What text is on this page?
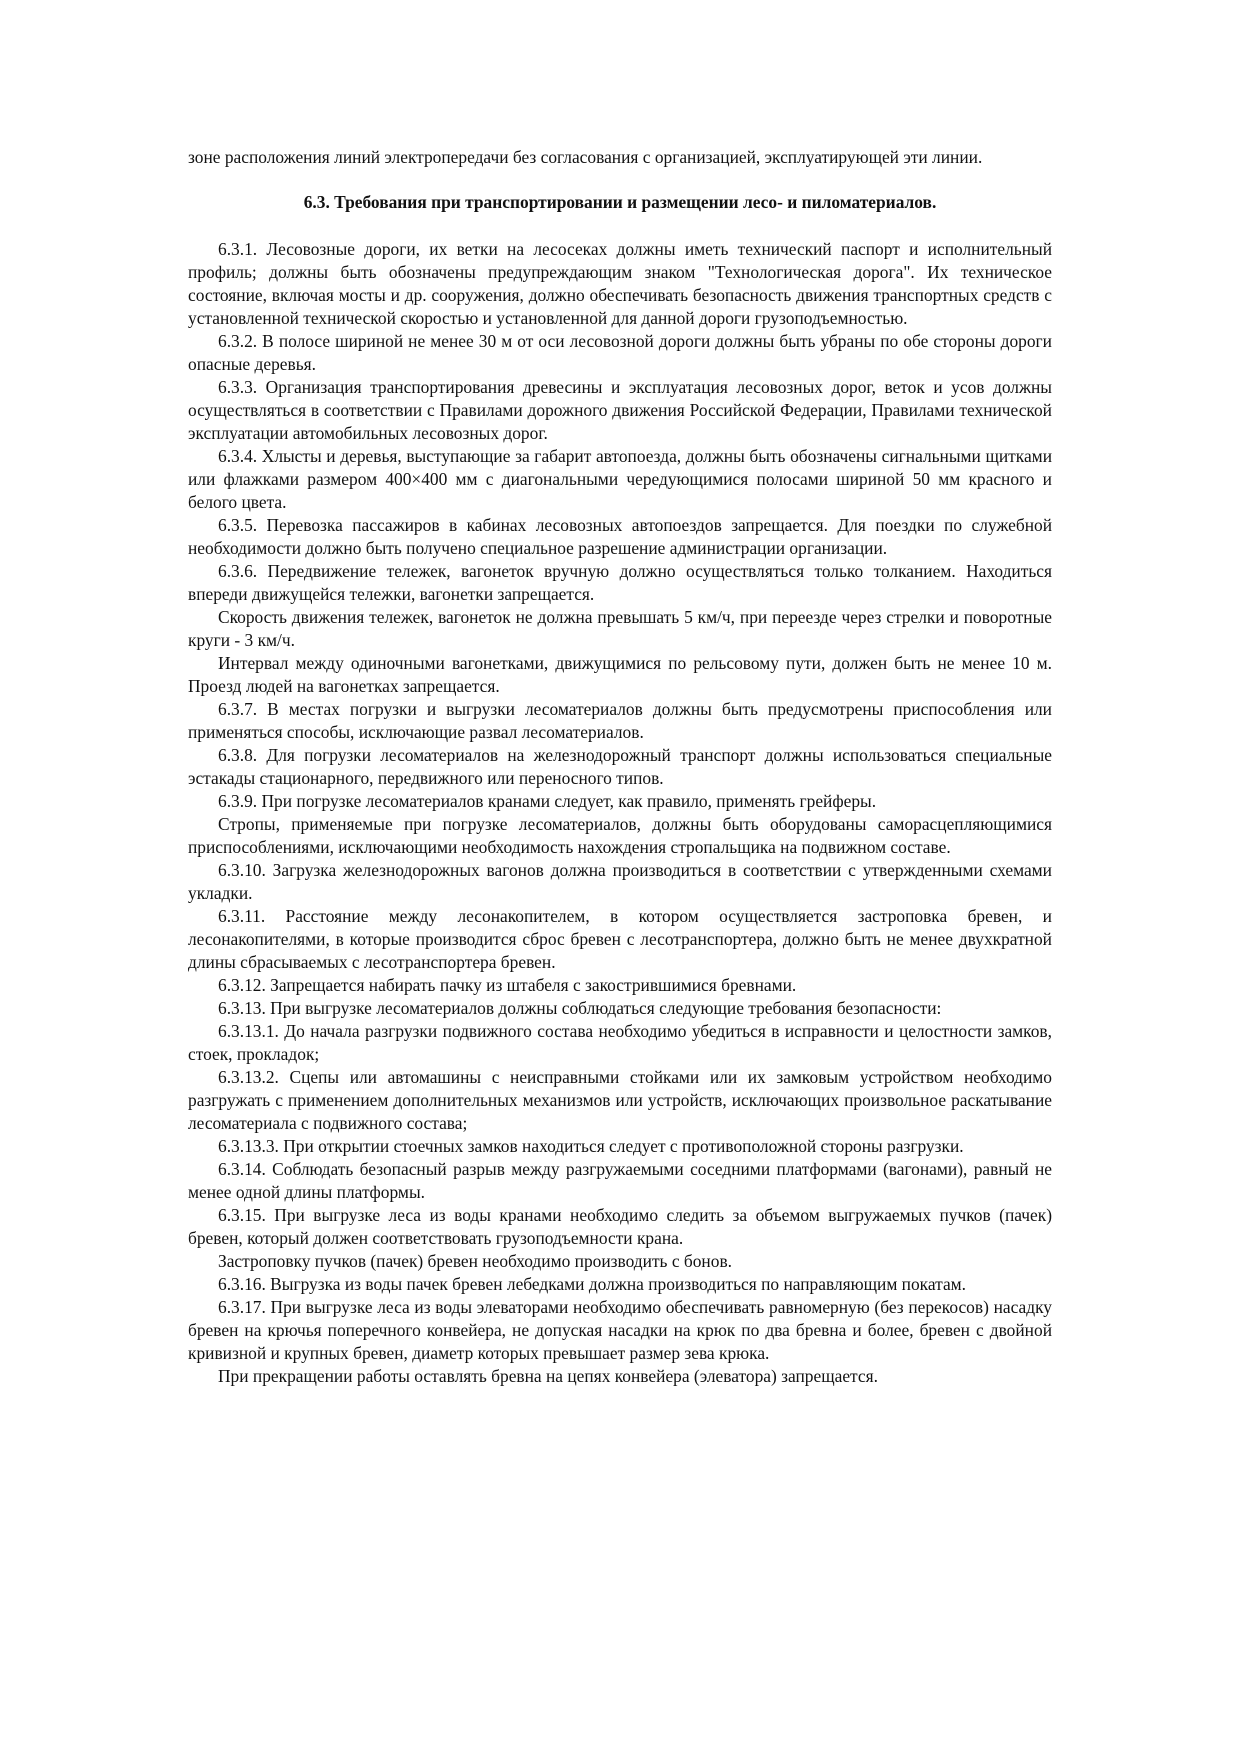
зоне расположения линий электропередачи без согласования с организацией, эксплуатирующей эти линии.

6.3. Требования при транспортировании и размещении лесо- и пиломатериалов.

6.3.1. Лесовозные дороги, их ветки на лесосеках должны иметь технический паспорт и исполнительный профиль; должны быть обозначены предупреждающим знаком "Технологическая дорога". Их техническое состояние, включая мосты и др. сооружения, должно обеспечивать безопасность движения транспортных средств с установленной технической скоростью и установленной для данной дороги грузоподъемностью.

6.3.2. В полосе шириной не менее 30 м от оси лесовозной дороги должны быть убраны по обе стороны дороги опасные деревья.

6.3.3. Организация транспортирования древесины и эксплуатация лесовозных дорог, веток и усов должны осуществляться в соответствии с Правилами дорожного движения Российской Федерации, Правилами технической эксплуатации автомобильных лесовозных дорог.

6.3.4. Хлысты и деревья, выступающие за габарит автопоезда, должны быть обозначены сигнальными щитками или флажками размером 400×400 мм с диагональными чередующимися полосами шириной 50 мм красного и белого цвета.

6.3.5. Перевозка пассажиров в кабинах лесовозных автопоездов запрещается. Для поездки по служебной необходимости должно быть получено специальное разрешение администрации организации.

6.3.6. Передвижение тележек, вагонеток вручную должно осуществляться только толканием. Находиться впереди движущейся тележки, вагонетки запрещается.

Скорость движения тележек, вагонеток не должна превышать 5 км/ч, при переезде через стрелки и поворотные круги - 3 км/ч.

Интервал между одиночными вагонетками, движущимися по рельсовому пути, должен быть не менее 10 м. Проезд людей на вагонетках запрещается.

6.3.7. В местах погрузки и выгрузки лесоматериалов должны быть предусмотрены приспособления или применяться способы, исключающие развал лесоматериалов.

6.3.8. Для погрузки лесоматериалов на железнодорожный транспорт должны использоваться специальные эстакады стационарного, передвижного или переносного типов.

6.3.9. При погрузке лесоматериалов кранами следует, как правило, применять грейферы.

Стропы, применяемые при погрузке лесоматериалов, должны быть оборудованы саморасцепляющимися приспособлениями, исключающими необходимость нахождения стропальщика на подвижном составе.

6.3.10. Загрузка железнодорожных вагонов должна производиться в соответствии с утвержденными схемами укладки.

6.3.11. Расстояние между лесонакопителем, в котором осуществляется застроповка бревен, и лесонакопителями, в которые производится сброс бревен с лесотранспортера, должно быть не менее двухкратной длины сбрасываемых с лесотранспортера бревен.

6.3.12. Запрещается набирать пачку из штабеля с закострившимися бревнами.

6.3.13. При выгрузке лесоматериалов должны соблюдаться следующие требования безопасности:

6.3.13.1. До начала разгрузки подвижного состава необходимо убедиться в исправности и целостности замков, стоек, прокладок;

6.3.13.2. Сцепы или автомашины с неисправными стойками или их замковым устройством необходимо разгружать с применением дополнительных механизмов или устройств, исключающих произвольное раскатывание лесоматериала с подвижного состава;

6.3.13.3. При открытии стоечных замков находиться следует с противоположной стороны разгрузки.

6.3.14. Соблюдать безопасный разрыв между разгружаемыми соседними платформами (вагонами), равный не менее одной длины платформы.

6.3.15. При выгрузке леса из воды кранами необходимо следить за объемом выгружаемых пучков (пачек) бревен, который должен соответствовать грузоподъемности крана.

Застроповку пучков (пачек) бревен необходимо производить с бонов.

6.3.16. Выгрузка из воды пачек бревен лебедками должна производиться по направляющим покатам.

6.3.17. При выгрузке леса из воды элеваторами необходимо обеспечивать равномерную (без перекосов) насадку бревен на крючья поперечного конвейера, не допуская насадки на крюк по два бревна и более, бревен с двойной кривизной и крупных бревен, диаметр которых превышает размер зева крюка.

При прекращении работы оставлять бревна на цепях конвейера (элеватора) запрещается.
